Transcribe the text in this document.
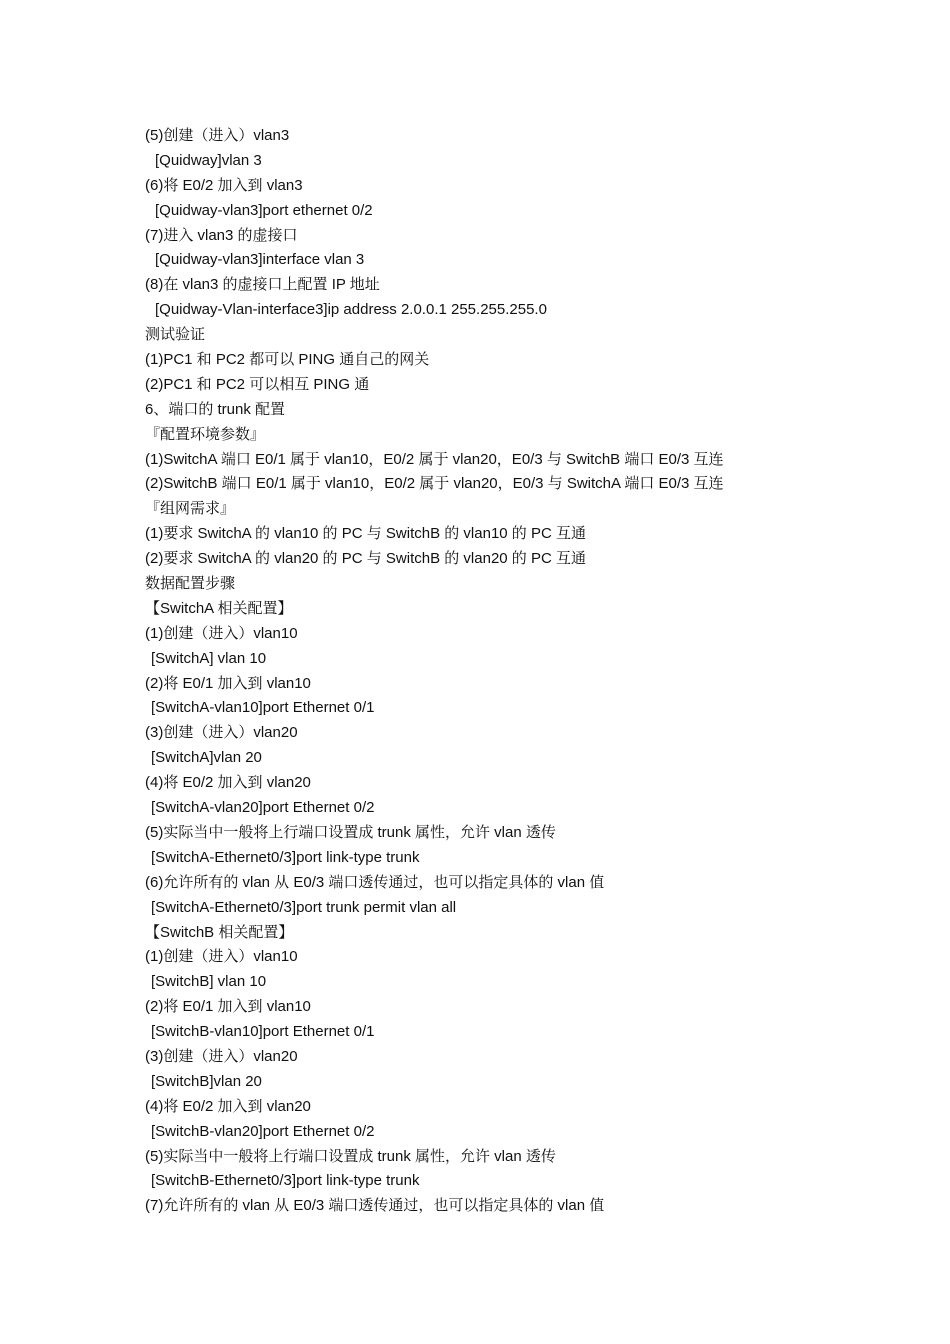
(5)创建（进入）vlan3
[Quidway]vlan 3
(6)将 E0/2 加入到 vlan3
[Quidway-vlan3]port ethernet 0/2
(7)进入 vlan3 的虚接口
[Quidway-vlan3]interface vlan 3
(8)在 vlan3 的虚接口上配置 IP 地址
[Quidway-Vlan-interface3]ip address 2.0.0.1 255.255.255.0
测试验证
(1)PC1 和 PC2 都可以 PING 通自己的网关
(2)PC1 和 PC2 可以相互 PING 通
6、端口的 trunk 配置
『配置环境参数』
(1)SwitchA 端口 E0/1 属于 vlan10，E0/2 属于 vlan20，E0/3 与 SwitchB 端口 E0/3 互连
(2)SwitchB 端口 E0/1 属于 vlan10，E0/2 属于 vlan20，E0/3 与 SwitchA 端口 E0/3 互连
『组网需求』
(1)要求 SwitchA 的 vlan10 的 PC 与 SwitchB 的 vlan10 的 PC 互通
(2)要求 SwitchA 的 vlan20 的 PC 与 SwitchB 的 vlan20 的 PC 互通
数据配置步骤
【SwitchA 相关配置】
(1)创建（进入）vlan10
[SwitchA] vlan 10
(2)将 E0/1 加入到 vlan10
[SwitchA-vlan10]port Ethernet 0/1
(3)创建（进入）vlan20
[SwitchA]vlan 20
(4)将 E0/2 加入到 vlan20
[SwitchA-vlan20]port Ethernet 0/2
(5)实际当中一般将上行端口设置成 trunk 属性，允许 vlan 透传
[SwitchA-Ethernet0/3]port link-type trunk
(6)允许所有的 vlan 从 E0/3 端口透传通过，也可以指定具体的 vlan 值
[SwitchA-Ethernet0/3]port trunk permit vlan all
【SwitchB 相关配置】
(1)创建（进入）vlan10
[SwitchB] vlan 10
(2)将 E0/1 加入到 vlan10
[SwitchB-vlan10]port Ethernet 0/1
(3)创建（进入）vlan20
[SwitchB]vlan 20
(4)将 E0/2 加入到 vlan20
[SwitchB-vlan20]port Ethernet 0/2
(5)实际当中一般将上行端口设置成 trunk 属性，允许 vlan 透传
[SwitchB-Ethernet0/3]port link-type trunk
(7)允许所有的 vlan 从 E0/3 端口透传通过，也可以指定具体的 vlan 值
